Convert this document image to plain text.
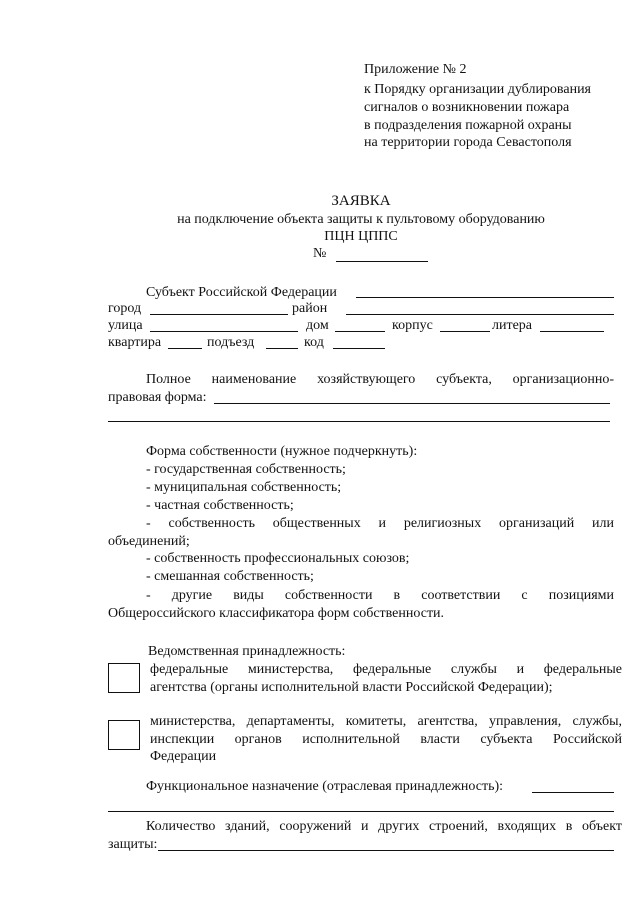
Приложение № 2
к Порядку организации дублирования
сигналов о возникновении пожара
в подразделения пожарной охраны
на территории города Севастополя
ЗАЯВКА
на подключение объекта защиты к пультовому оборудованию
ПЦН ЦППС
№
Субъект Российской Федерации
город	район
улица	дом	корпус	литера
квартира	подъезд	код
Полное наименование хозяйствующего субъекта, организационно-
правовая форма:
Форма собственности (нужное подчеркнуть):
- государственная собственность;
- муниципальная собственность;
- частная собственность;
- собственность общественных и религиозных организаций или
объединений;
- собственность профессиональных союзов;
- смешанная собственность;
- другие виды собственности в соответствии с позициями
Общероссийского классификатора форм собственности.
Ведомственная принадлежность:
федеральные министерства, федеральные службы и федеральные
агентства (органы исполнительной власти Российской Федерации);
министерства, департаменты, комитеты, агентства, управления, службы,
инспекции органов исполнительной власти субъекта Российской
Федерации
Функциональное назначение (отраслевая принадлежность):
Количество зданий, сооружений и других строений, входящих в объект
защиты:
